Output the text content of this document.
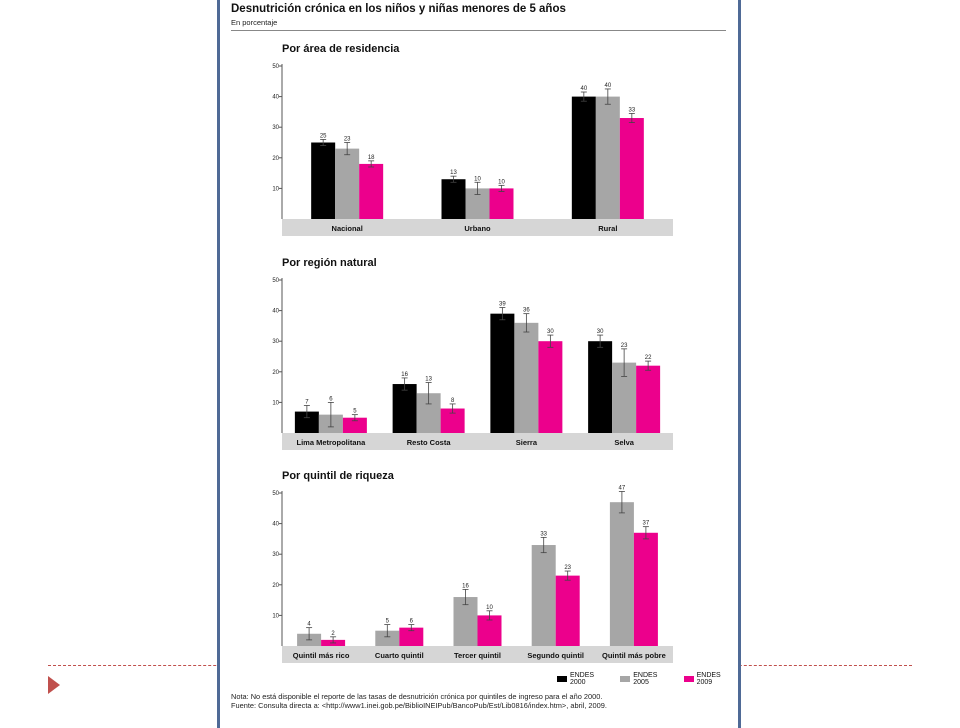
Desnutrición crónica en los niños y niñas menores de 5 años
En porcentaje
Por área de residencia
10
20
30
40
50
Nacional
25
23
18
Urbano
13
10
10
Rural
40
40
33
Por región natural
10
20
30
40
50
Lima Metropolitana
7
6
5
Resto Costa
16
13
8
Sierra
39
36
30
Selva
30
23
22
Por quintil de riqueza
10
20
30
40
50
Quintil más rico
4
2
Cuarto quintil
5	6
Tercer quintil
16
10
Segundo quintil
33
23
Quintil más pobre
47
37
ENDES 2000
ENDES 2005
ENDES 2009
Nota: No está disponible el reporte de las tasas de desnutrición crónica por quintiles de ingreso para el año 2000.
Fuente: Consulta directa a: <http://www1.inei.gob.pe/BiblioINEIPub/BancoPub/Est/Lib0816/index.htm>, abril, 2009.
